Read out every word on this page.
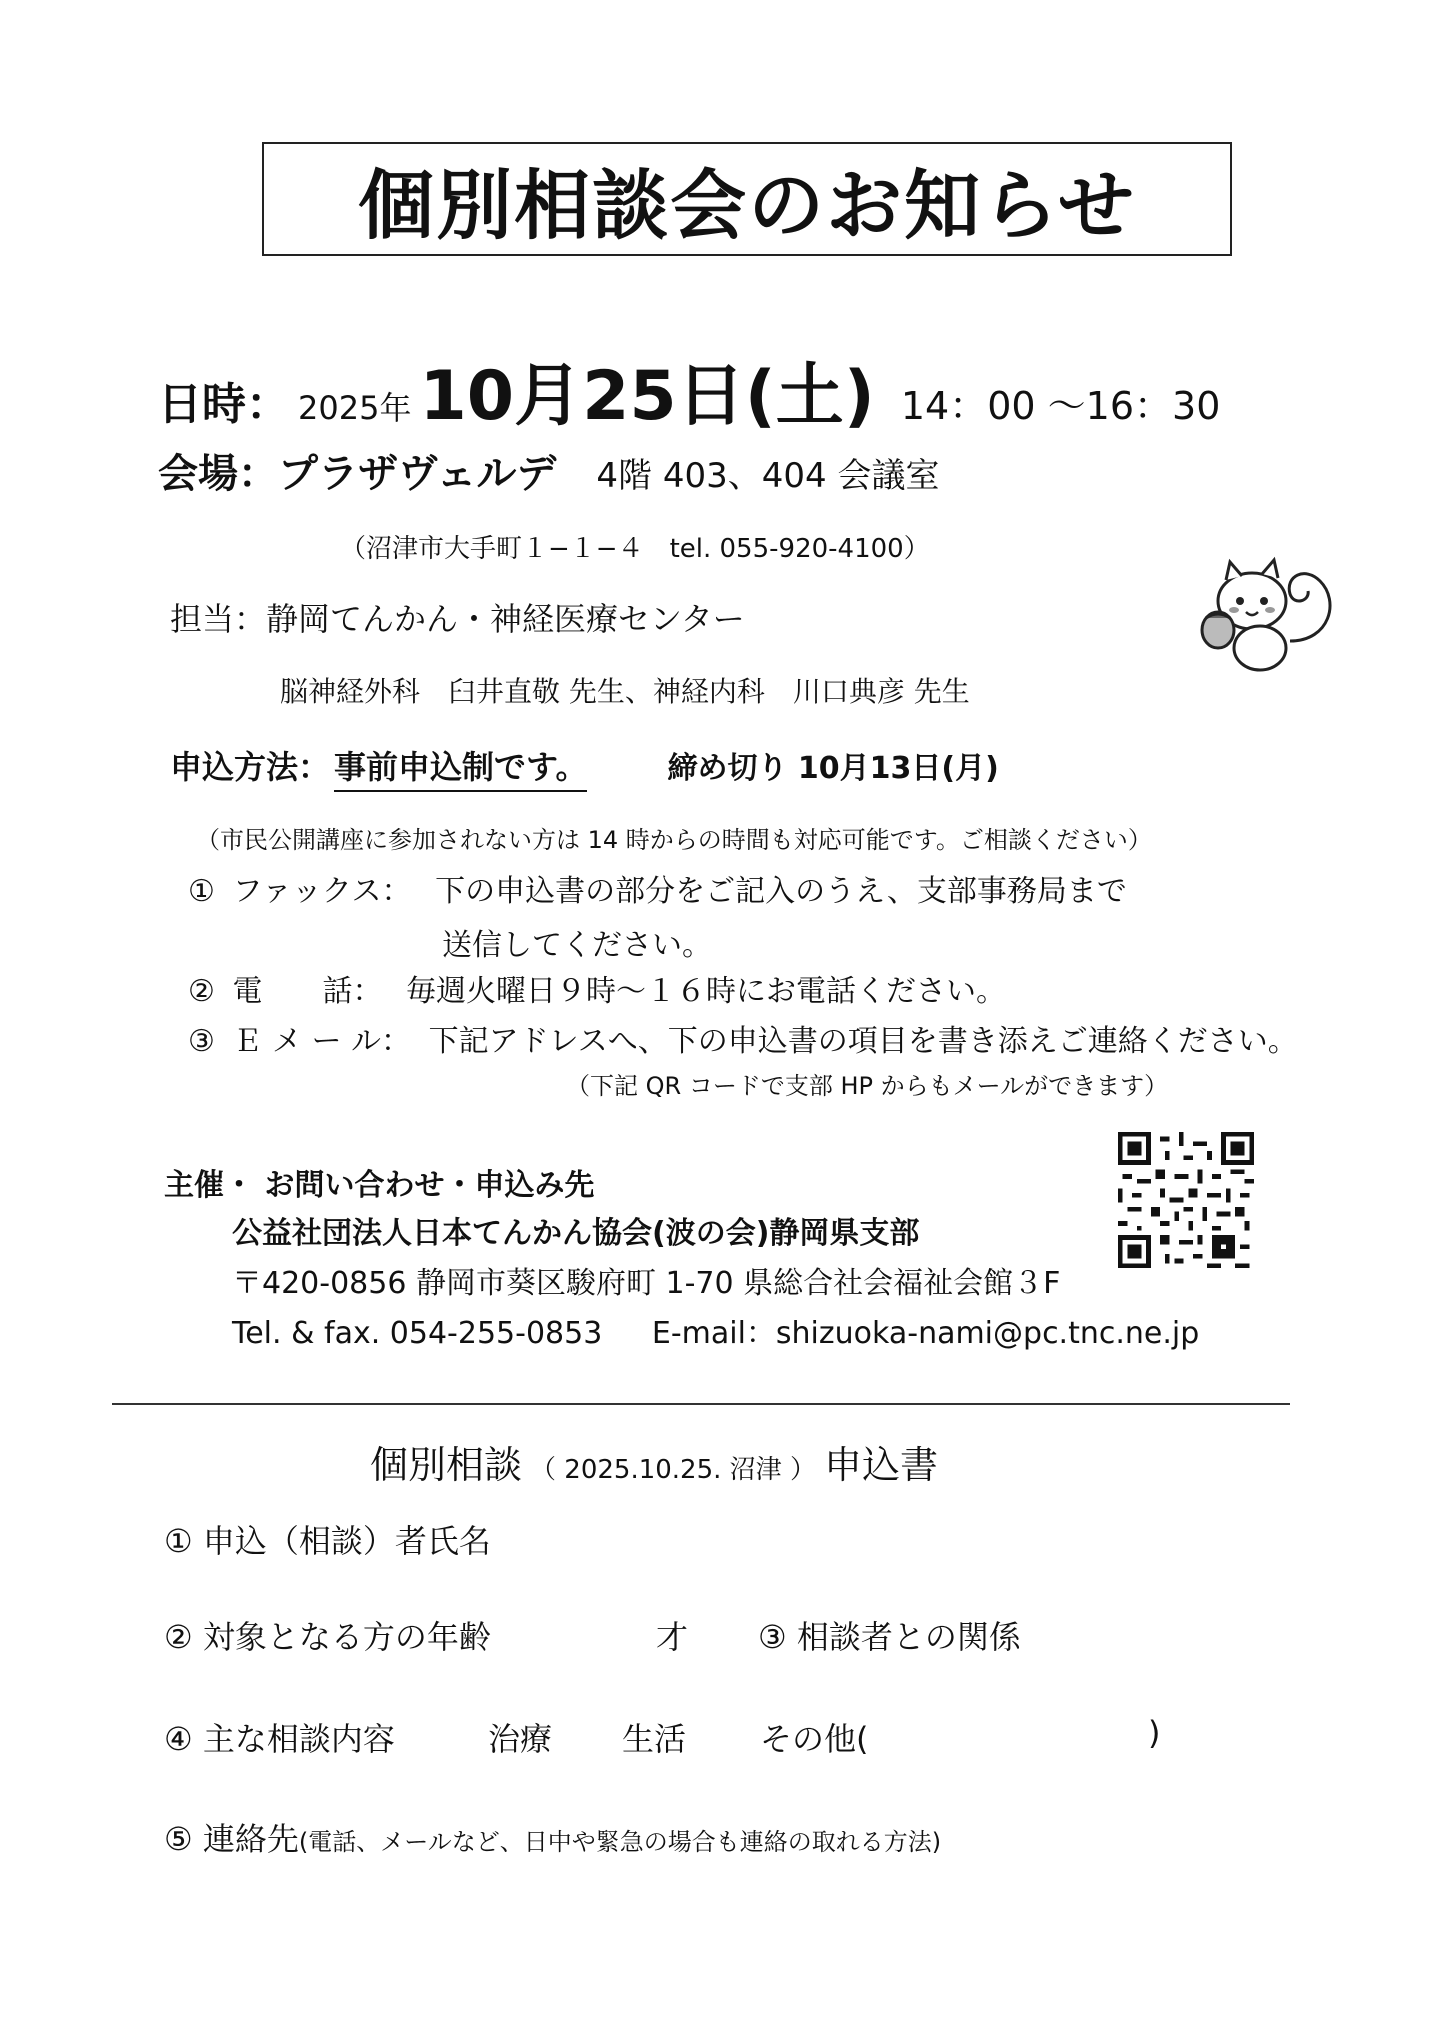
個別相談会のお知らせ
日時： 2025年 10月25日(土) 14：00 ～16：30
会場：プラザヴェルデ 4階 403、404 会議室
（沼津市大手町１−１−４　tel. 055-920-4100）
担当：静岡てんかん・神経医療センター
脳神経外科　臼井直敬 先生、神経内科　川口典彦 先生
申込方法： 事前申込制です。	締め切り 10月13日(月)
（市民公開講座に参加されない方は 14 時からの時間も対応可能です。ご相談ください）
① ファックス： 下の申込書の部分をご記入のうえ、支部事務局まで
送信してください。
② 電　　話： 毎週火曜日９時〜１６時にお電話ください。
③ Ｅ メ ー ル： 下記アドレスへ、下の申込書の項目を書き添えご連絡ください。
（下記 QR コードで支部 HP からもメールができます）
主催・ お問い合わせ・申込み先
公益社団法人日本てんかん協会(波の会)静岡県支部
〒420-0856 静岡市葵区駿府町 1-70 県総合社会福祉会館３F
Tel. & fax. 054-255-0853 E-mail：shizuoka-nami@pc.tnc.ne.jp
個別相談 （ 2025.10.25. 沼津 ） 申込書
① 申込（相談）者氏名
② 対象となる方の年齢	才 ③ 相談者との関係
④ 主な相談内容	治療 生活 その他(	)
⑤ 連絡先 (電話、メールなど、日中や緊急の場合も連絡の取れる方法)
